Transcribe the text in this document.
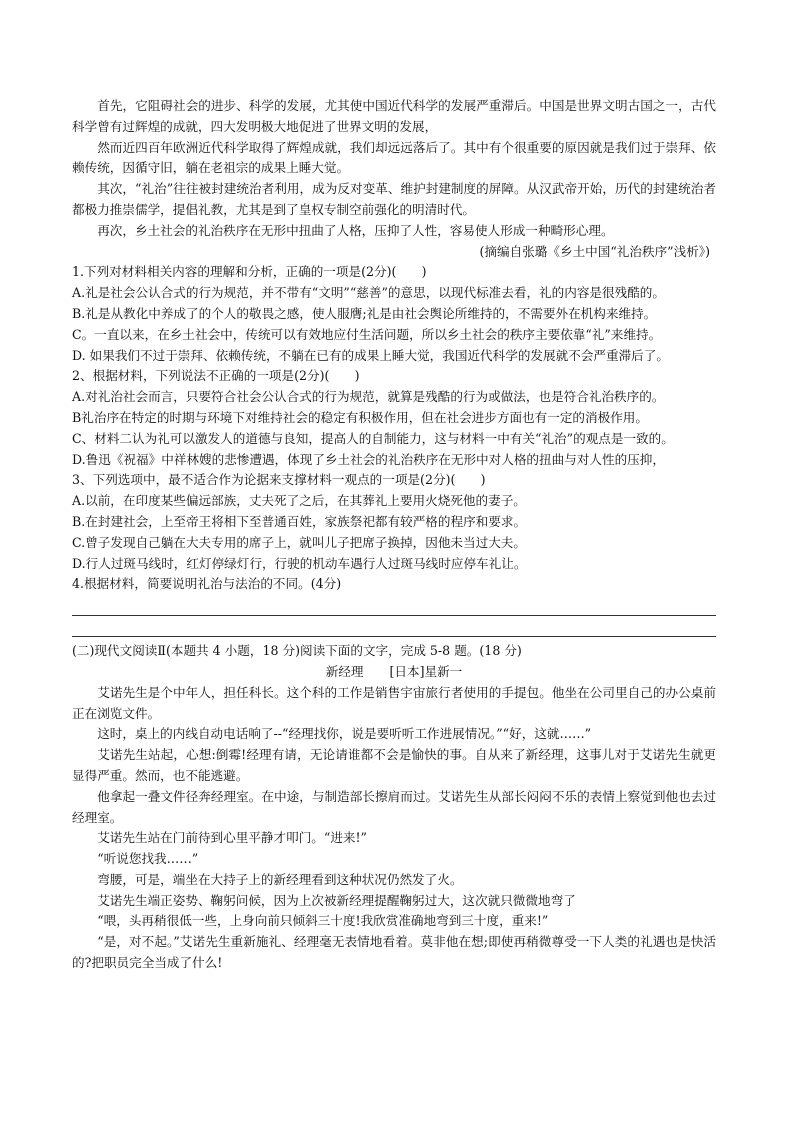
首先，它阻碍社会的进步、科学的发展，尤其使中国近代科学的发展严重滞后。中国是世界文明古国之一，古代科学曾有过辉煌的成就，四大发明极大地促进了世界文明的发展，

然而近四百年欧洲近代科学取得了辉煌成就，我们却远远落后了。其中有个很重要的原因就是我们过于崇拜、依赖传统，因循守旧，躺在老祖宗的成果上睡大觉。

其次，“礼治”往往被封建统治者利用，成为反对变革、维护封建制度的屏障。从汉武帝开始，历代的封建统治者都极力推崇儒学，提倡礼教，尤其是到了皇权专制空前强化的明清时代。

再次，乡土社会的礼治秩序在无形中扭曲了人格，压抑了人性，容易使人形成一种畸形心理。

(摘编自张璐《乡土中国“礼治秩序”浅析》)

1.下列对材料相关内容的理解和分析，正确的一项是(2分)(　　)

A.礼是社会公认合式的行为规范，并不带有“文明”“慈善”的意思，以现代标准去看，礼的内容是很残酷的。

B.礼是从教化中养成了的个人的敬畏之感，使人服膺;礼是由社会舆论所维持的，不需要外在机构来维持。

C。一直以来，在乡土社会中，传统可以有效地应付生活问题，所以乡土社会的秩序主要依靠“礼”来维持。

D. 如果我们不过于崇拜、依赖传统，不躺在已有的成果上睡大觉，我国近代科学的发展就不会严重滞后了。

2、根据材料，下列说法不正确的一项是(2分)(　　)

A.对礼治社会而言，只要符合社会公认合式的行为规范，就算是残酷的行为或做法，也是符合礼治秩序的。

B礼治序在特定的时期与环境下对维持社会的稳定有积极作用，但在社会进步方面也有一定的消极作用。

C、材料二认为礼可以激发人的道德与良知，提高人的自制能力，这与材料一中有关“礼治”的观点是一致的。

D.鲁迅《祝福》中祥林嫂的悲惨遭遇，体现了乡土社会的礼治秩序在无形中对人格的扭曲与对人性的压抑，

3、下列选项中，最不适合作为论据来支撑材料一观点的一项是(2分)(　　)

A.以前，在印度某些偏远部族，丈夫死了之后，在其葬礼上要用火烧死他的妻子。

B.在封建社会，上至帝王将相下至普通百姓，家族祭祀都有较严格的程序和要求。

C.曾子发现自己躺在大夫专用的席子上，就叫儿子把席子换掉，因他未当过大夫。

D.行人过斑马线时，红灯停绿灯行，行驶的机动车遇行人过斑马线时应停车礼让。

4.根据材料，简要说明礼治与法治的不同。(4分)

(二)现代文阅读Ⅱ(本题共 4 小题，18 分)阅读下面的文字，完成 5-8 题。(18 分)

新经理 [日本]星新一

艾诺先生是个中年人，担任科长。这个科的工作是销售宇宙旅行者使用的手提包。他坐在公司里自己的办公桌前正在浏览文件。

这时，桌上的内线自动电话响了--“经理找你，说是要听听工作进展情况。”“好，这就……”

艾诺先生站起，心想:倒霉!经理有请，无论请谁都不会是愉快的事。自从来了新经理，这事儿对于艾诺先生就更显得严重。然而，也不能逃避。

他拿起一叠文件径奔经理室。在中途，与制造部长擦肩而过。艾诺先生从部长闷闷不乐的表情上察觉到他也去过经理室。

艾诺先生站在门前待到心里平静才叩门。“进来!”

“听说您找我……”

弯腰，可是，端坐在大持子上的新经理看到这种状况仍然发了火。

艾诺先生端正姿势、鞠躬问候，因为上次被新经理提醒鞠躬过大，这次就只微微地弯了

“喂，头再稍很低一些，上身向前只倾斜三十度!我欣赏准确地弯到三十度，重来!”

“是，对不起。”艾诺先生重新施礼、经理毫无表情地看着。莫非他在想;即使再稍微尊受一下人类的礼遇也是快活的?把职员完全当成了什么!
